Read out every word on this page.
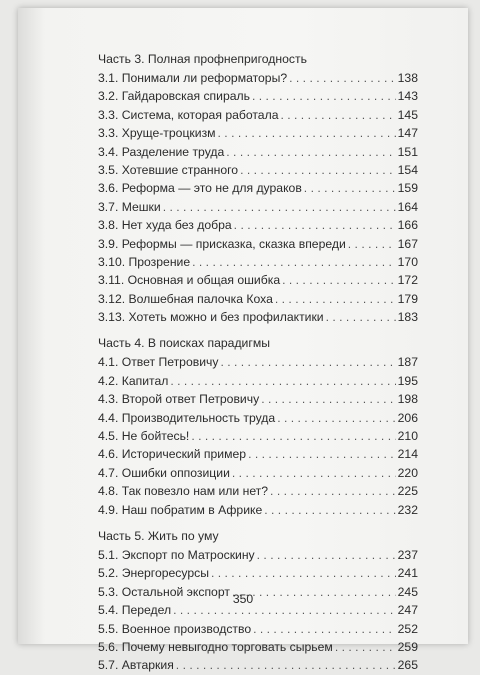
Часть 3. Полная профнепригодность
3.1. Понимали ли реформаторы? . . .	138
3.2. Гайдаровская спираль . . .	143
3.3. Система, которая работала . . .	145
3.3. Хруще-троцкизм . . .	147
3.4. Разделение труда . . .	151
3.5. Хотевшие странного . . .	154
3.6. Реформа — это не для дураков . . .	159
3.7. Мешки . . .	164
3.8. Нет худа без добра . . .	166
3.9. Реформы — присказка, сказка впереди . . .	167
3.10. Прозрение . . .	170
3.11. Основная и общая ошибка . . .	172
3.12. Волшебная палочка Коха . . .	179
3.13. Хотеть можно и без профилактики . . .	183
Часть 4. В поисках парадигмы
4.1. Ответ Петровичу . . .	187
4.2. Капитал . . .	195
4.3. Второй ответ Петровичу . . .	198
4.4. Производительность труда . . .	206
4.5. Не бойтесь! . . .	210
4.6. Исторический пример . . .	214
4.7. Ошибки оппозиции . . .	220
4.8. Так повезло нам или нет? . . .	225
4.9. Наш побратим в Африке . . .	232
Часть 5. Жить по уму
5.1. Экспорт по Матроскину . . .	237
5.2. Энергоресурсы . . .	241
5.3. Остальной экспорт . . .	245
5.4. Передел . . .	247
5.5. Военное производство . . .	252
5.6. Почему невыгодно торговать сырьем . . .	259
5.7. Автаркия . . .	265
350
